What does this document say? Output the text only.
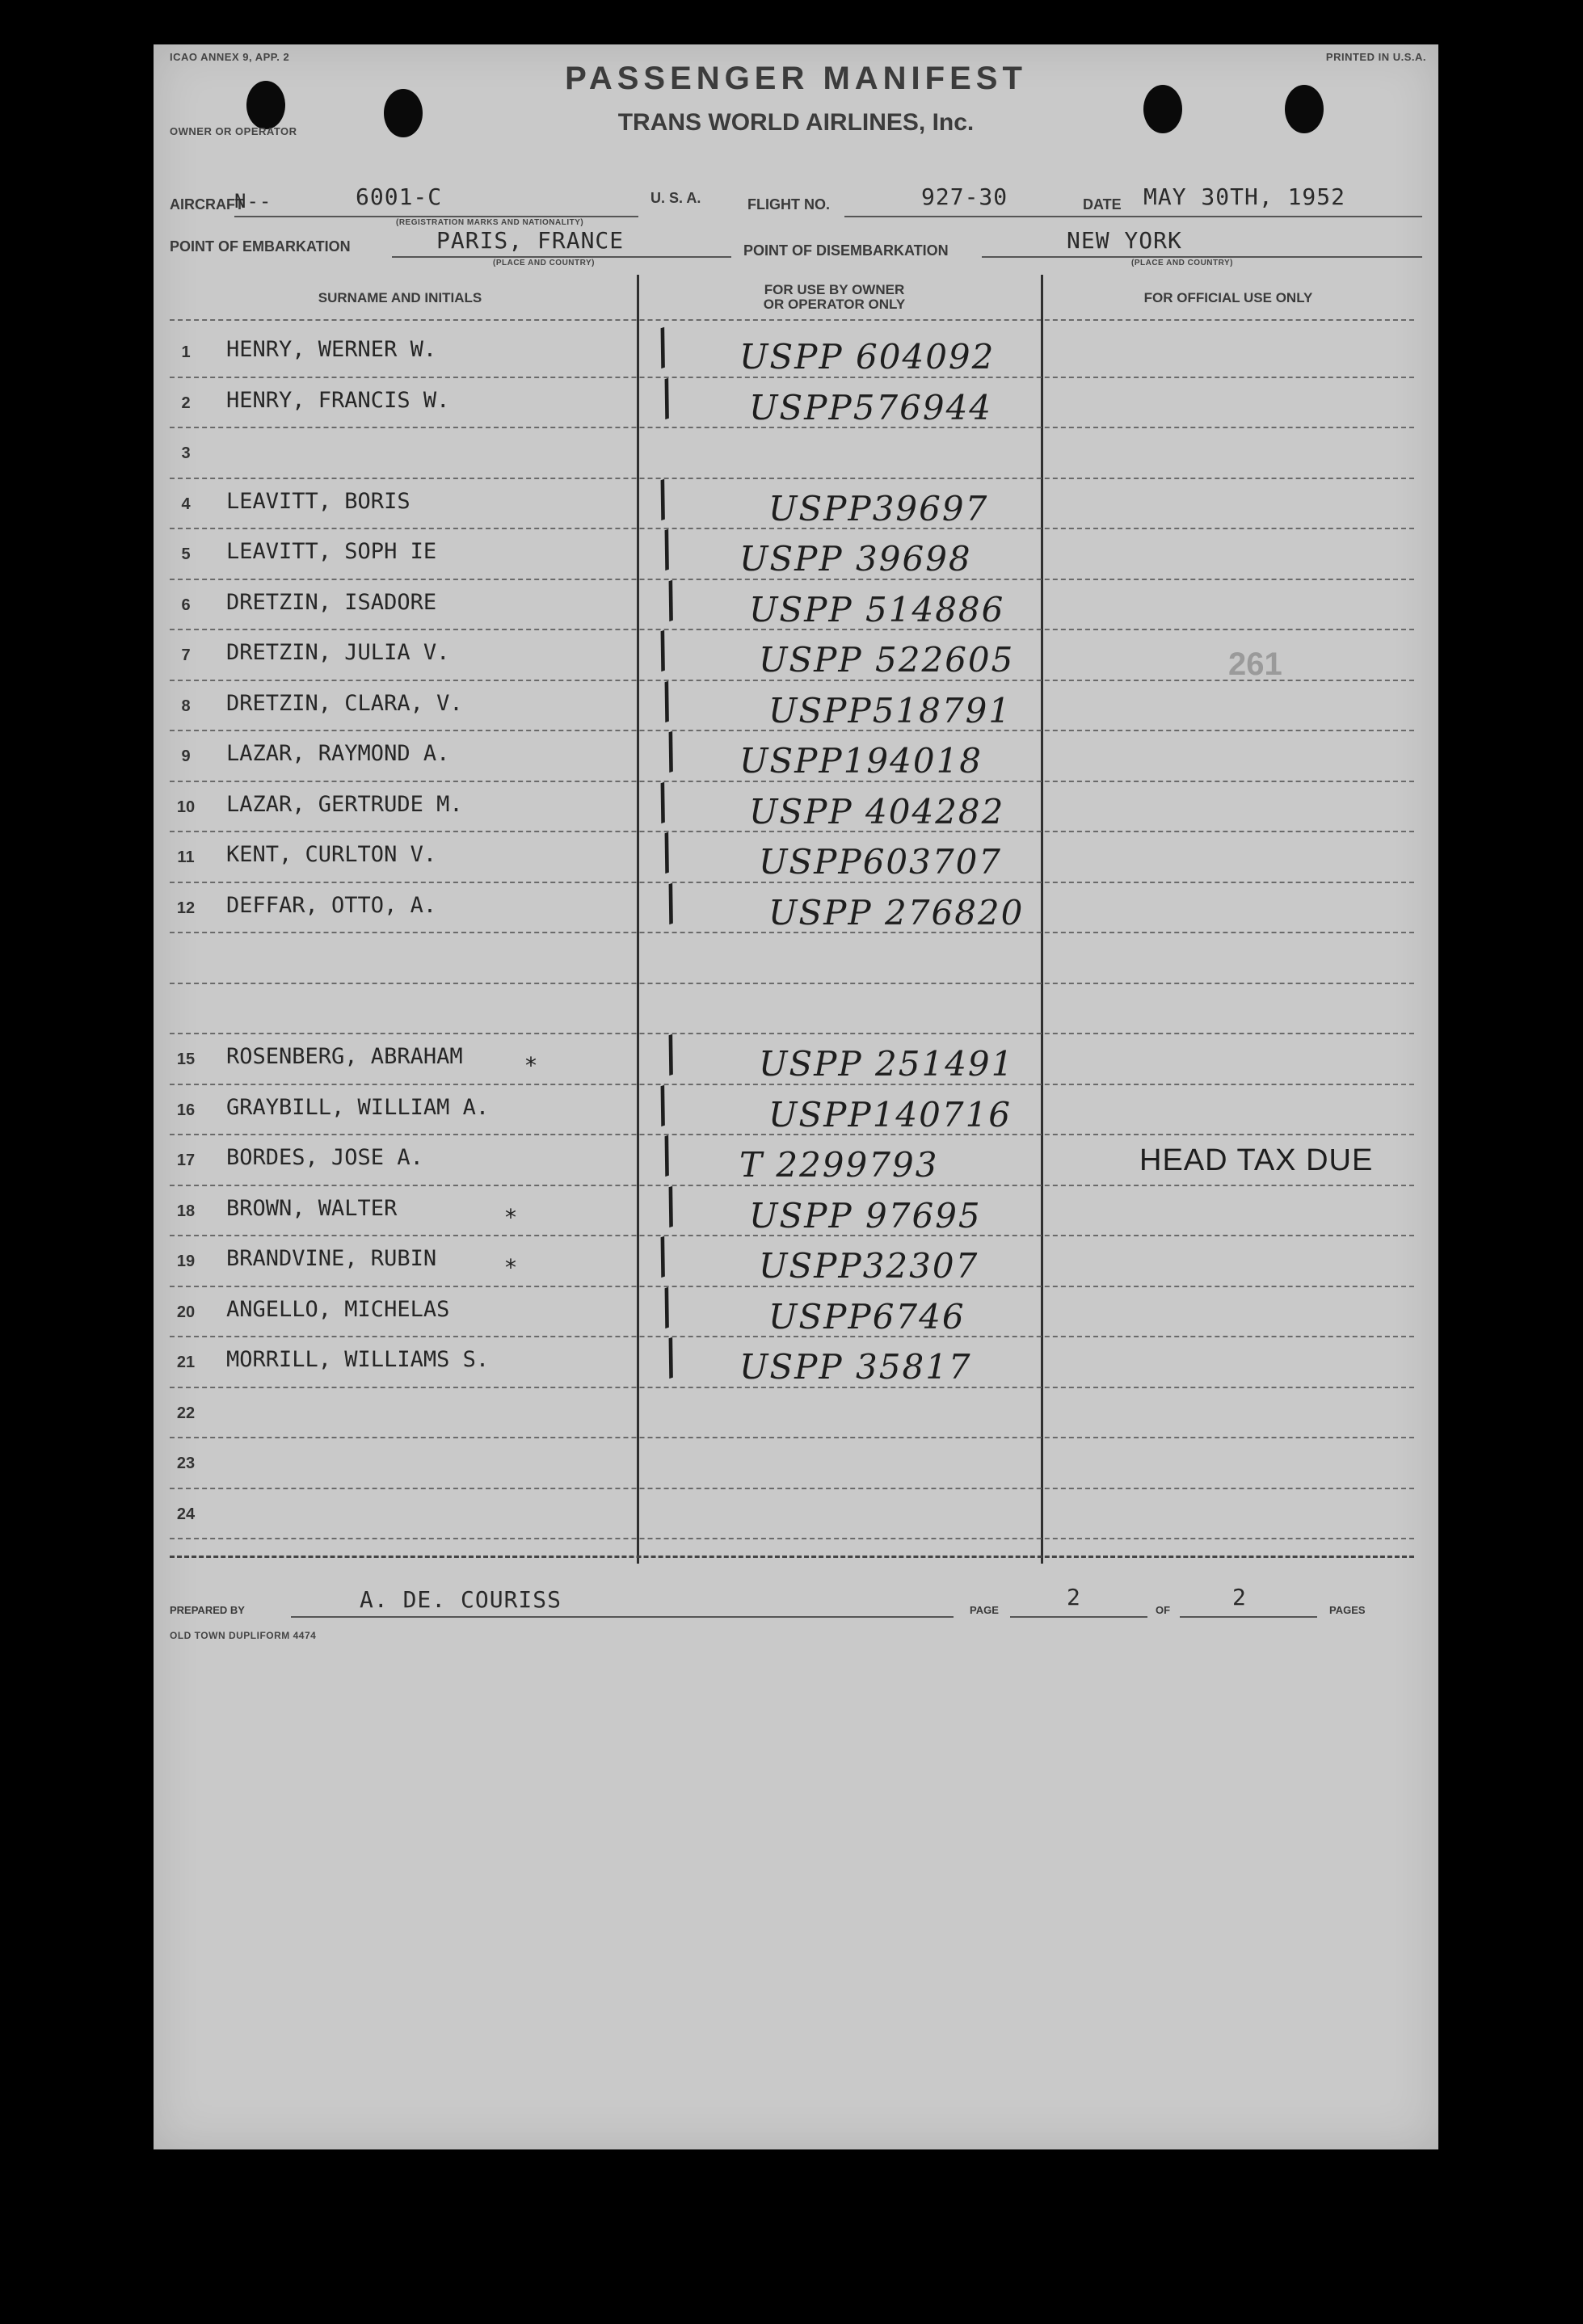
ICAO ANNEX 9, APP. 2	PRINTED IN U.S.A.
PASSENGER MANIFEST
TRANS WORLD AIRLINES, Inc.
OWNER OR OPERATOR
AIRCRAFT
N--	6001-C
(REGISTRATION MARKS AND NATIONALITY)
U. S. A.	FLIGHT NO.	927-30	DATE MAY 30TH, 1952
POINT OF EMBARKATION	PARIS, FRANCE
(PLACE AND COUNTRY)
POINT OF DISEMBARKATION	NEW YORK
(PLACE AND COUNTRY)
SURNAME AND INITIALS
FOR USE BY OWNER
OR OPERATOR ONLY	FOR OFFICIAL USE ONLY
1	HENRY, WERNER W.	/ USPP 604092
2	HENRY, FRANCIS W.	/ USPP576944
3
4	LEAVITT, BORIS	/	USPP39697
5	LEAVITT, SOPH IE	/ USPP 39698
6	DRETZIN, ISADORE	/ USPP 514886
7	DRETZIN, JULIA V.	/ USPP 522605
8	DRETZIN, CLARA, V.	/	USPP518791
9	LAZAR, RAYMOND A.	/ USPP194018
10	LAZAR, GERTRUDE M.	/ USPP 404282
11	KENT, CURLTON V.	/ USPP603707
12	DEFFAR, OTTO, A.	/ USPP 276820
15	ROSENBERG, ABRAHAM	*	/ USPP 251491
16	GRAYBILL, WILLIAM A.	/	USPP140716
17	BORDES, JOSE A.	/ T 2299793	HEAD TAX DUE
18	BROWN, WALTER	*	/ USPP 97695
19	BRANDVINE, RUBIN	*	/ USPP32307
20	ANGELLO, MICHELAS	/	USPP6746
21	MORRILL, WILLIAMS S.	/ USPP 35817
22
23
24
261
PREPARED BY	A. DE. COURISS	PAGE	2	OF	2	PAGES
OLD TOWN DUPLIFORM 4474
